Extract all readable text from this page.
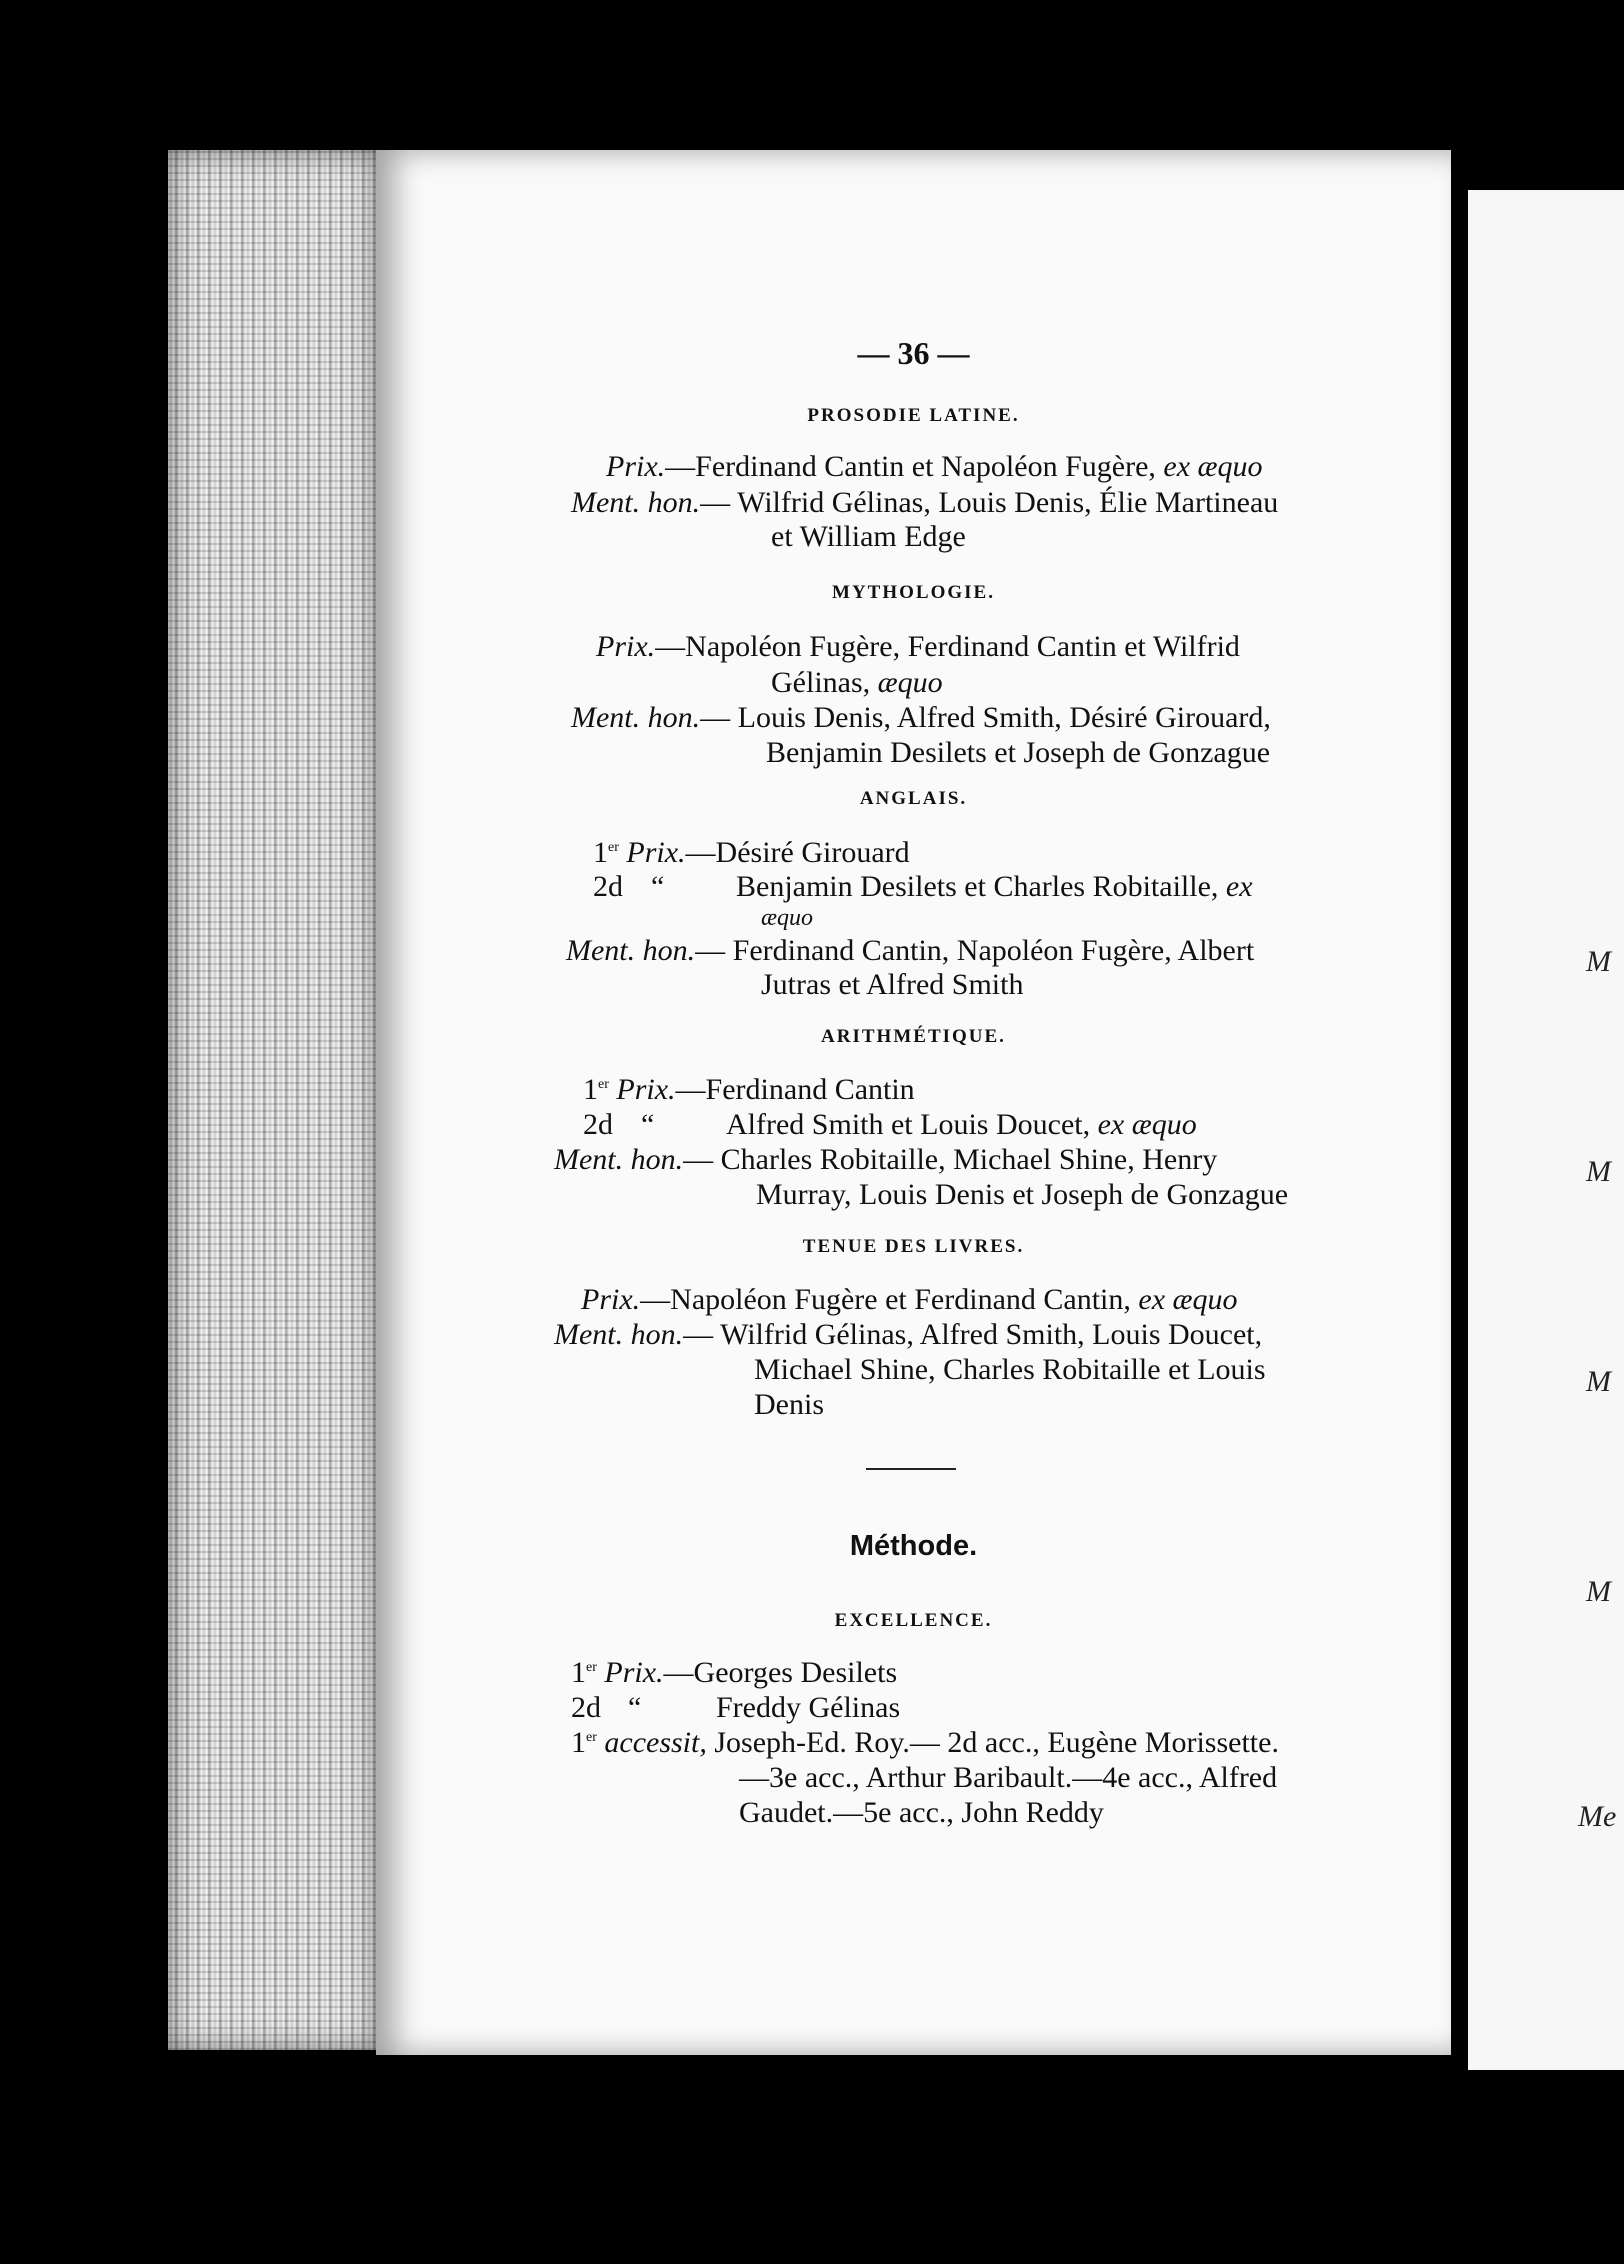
M
M
M
M
Me
— 36 —
PROSODIE LATINE.
Prix.—Ferdinand Cantin et Napoléon Fugère, ex æquo
Ment. hon.— Wilfrid Gélinas, Louis Denis, Élie Martineau
et William Edge
MYTHOLOGIE.
Prix.—Napoléon Fugère, Ferdinand Cantin et Wilfrid
Gélinas, æquo
Ment. hon.— Louis Denis, Alfred Smith, Désiré Girouard,
Benjamin Desilets et Joseph de Gonzague
ANGLAIS.
1er Prix.—Désiré Girouard
2d “ Benjamin Desilets et Charles Robitaille, ex
æquo
Ment. hon.— Ferdinand Cantin, Napoléon Fugère, Albert
Jutras et Alfred Smith
ARITHMÉTIQUE.
1er Prix.—Ferdinand Cantin
2d “ Alfred Smith et Louis Doucet, ex æquo
Ment. hon.— Charles Robitaille, Michael Shine, Henry
Murray, Louis Denis et Joseph de Gonzague
TENUE DES LIVRES.
Prix.—Napoléon Fugère et Ferdinand Cantin, ex æquo
Ment. hon.— Wilfrid Gélinas, Alfred Smith, Louis Doucet,
Michael Shine, Charles Robitaille et Louis
Denis
Méthode.
EXCELLENCE.
1er Prix.—Georges Desilets
2d “ Freddy Gélinas
1er accessit, Joseph-Ed. Roy.— 2d acc., Eugène Morissette.
—3e acc., Arthur Baribault.—4e acc., Alfred
Gaudet.—5e acc., John Reddy
